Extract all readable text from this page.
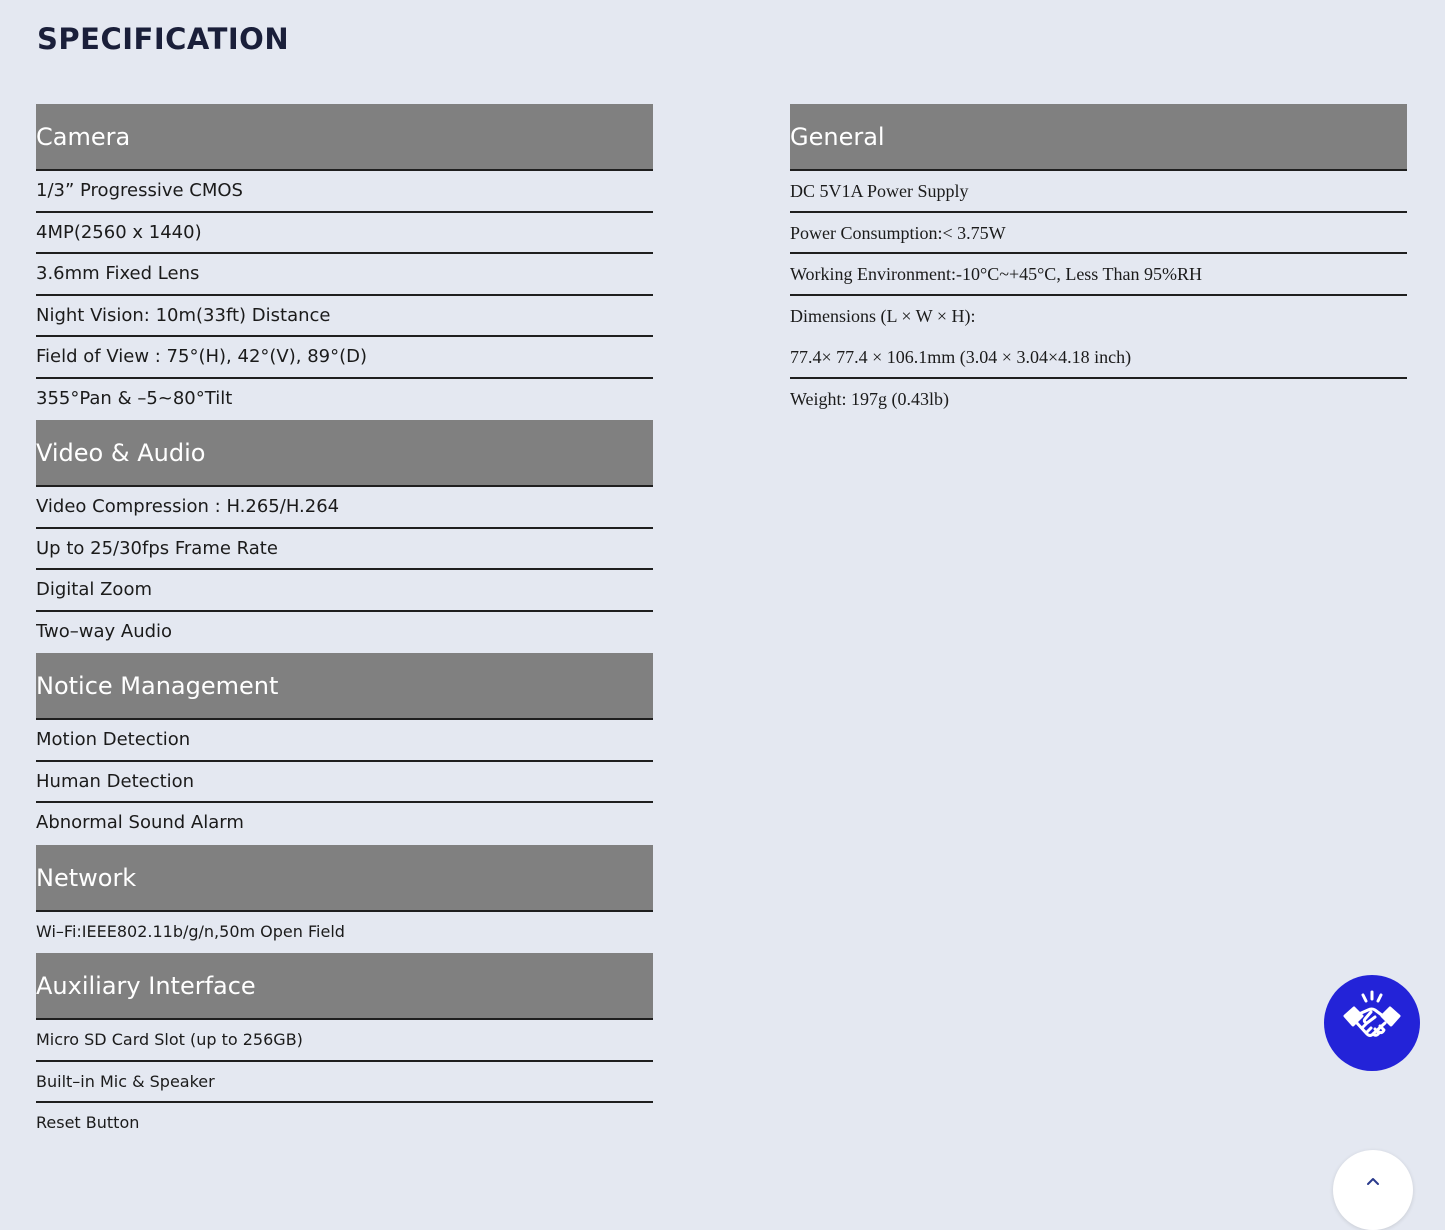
SPECIFICATION
Camera
1/3” Progressive CMOS
4MP(2560 x 1440)
3.6mm Fixed Lens
Night Vision: 10m(33ft) Distance
Field of View : 75°(H), 42°(V), 89°(D)
355°Pan & –5~80°Tilt
Video & Audio
Video Compression : H.265/H.264
Up to 25/30fps Frame Rate
Digital Zoom
Two–way Audio
Notice Management
Motion Detection
Human Detection
Abnormal Sound Alarm
Network
Wi–Fi:IEEE802.11b/g/n,50m Open Field
Auxiliary Interface
Micro SD Card Slot (up to 256GB)
Built–in Mic & Speaker
Reset Button
General
DC 5V1A Power Supply
Power Consumption:< 3.75W
Working Environment:-10°C~+45°C, Less Than 95%RH
Dimensions (L × W × H):
77.4× 77.4 × 106.1mm (3.04 × 3.04×4.18 inch)
Weight: 197g (0.43lb)
